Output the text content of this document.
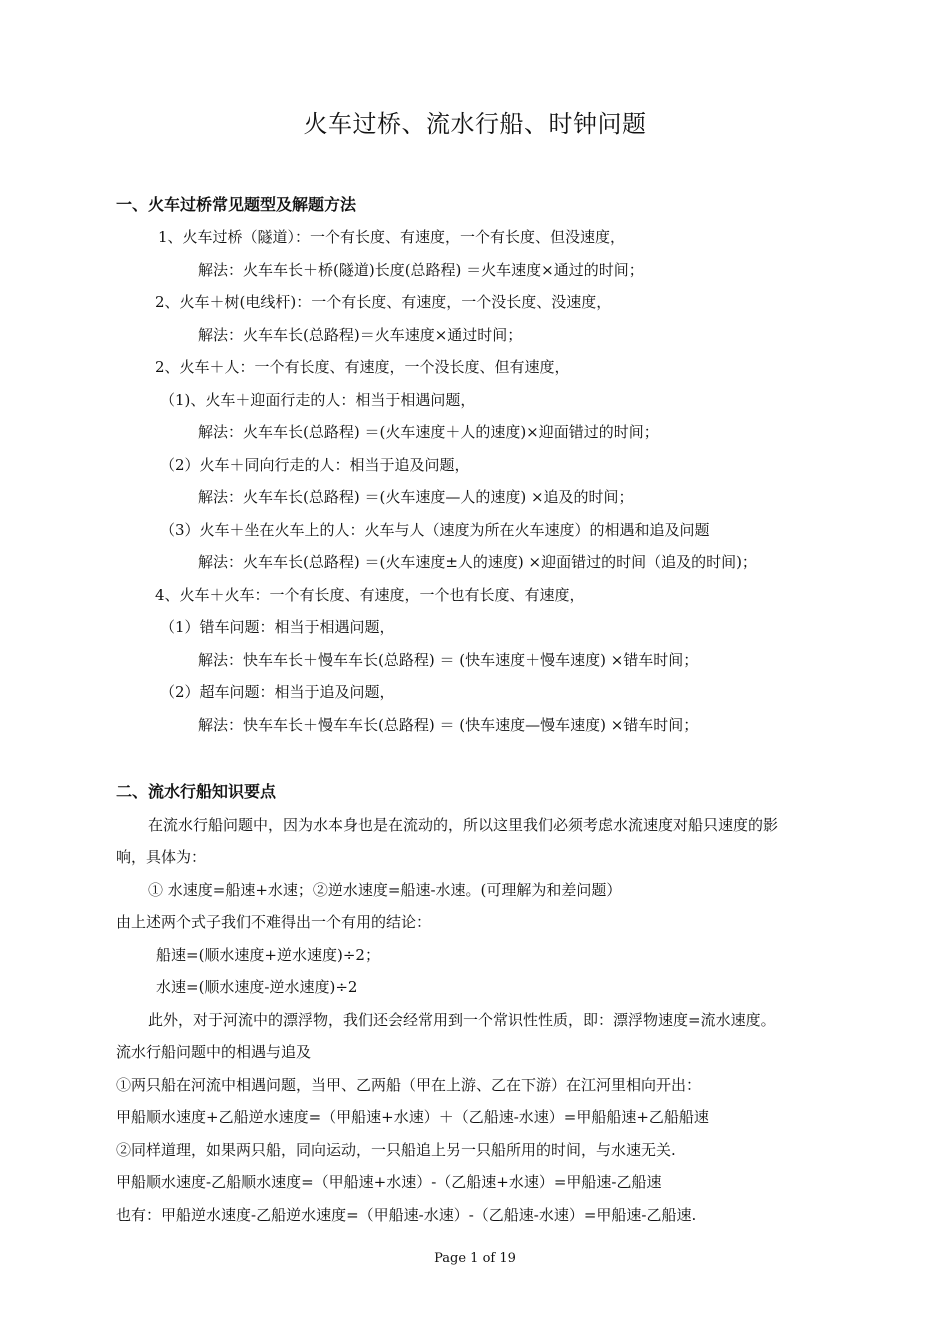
火车过桥、流水行船、时钟问题
一、火车过桥常见题型及解题方法
1、火车过桥（隧道）：一个有长度、有速度，一个有长度、但没速度，
解法：火车车长＋桥(隧道)长度(总路程) ＝火车速度×通过的时间；
2、火车＋树(电线杆)：一个有长度、有速度，一个没长度、没速度，
解法：火车车长(总路程)＝火车速度×通过时间；
2、火车＋人：一个有长度、有速度，一个没长度、但有速度，
（1)、火车＋迎面行走的人：相当于相遇问题，
解法：火车车长(总路程) ＝(火车速度＋人的速度)×迎面错过的时间；
（2）火车＋同向行走的人：相当于追及问题，
解法：火车车长(总路程) ＝(火车速度—人的速度) ×追及的时间；
（3）火车＋坐在火车上的人：火车与人（速度为所在火车速度）的相遇和追及问题
解法：火车车长(总路程) ＝(火车速度±人的速度) ×迎面错过的时间（追及的时间)；
4、火车＋火车：一个有长度、有速度，一个也有长度、有速度，
（1）错车问题：相当于相遇问题，
解法：快车车长＋慢车车长(总路程) ＝ (快车速度＋慢车速度) ×错车时间；
（2）超车问题：相当于追及问题，
解法：快车车长＋慢车车长(总路程) ＝ (快车速度—慢车速度) ×错车时间；
二、流水行船知识要点
在流水行船问题中，因为水本身也是在流动的，所以这里我们必须考虑水流速度对船只速度的影
响，具体为：
① 水速度=船速+水速；②逆水速度=船速-水速。(可理解为和差问题）
由上述两个式子我们不难得出一个有用的结论：
船速=(顺水速度+逆水速度)÷2；
水速=(顺水速度-逆水速度)÷2
此外，对于河流中的漂浮物，我们还会经常用到一个常识性性质，即：漂浮物速度=流水速度。
流水行船问题中的相遇与追及
①两只船在河流中相遇问题，当甲、乙两船（甲在上游、乙在下游）在江河里相向开出：
甲船顺水速度+乙船逆水速度=（甲船速+水速）＋（乙船速-水速）=甲船船速+乙船船速
②同样道理，如果两只船，同向运动，一只船追上另一只船所用的时间，与水速无关.
甲船顺水速度-乙船顺水速度=（甲船速+水速）-（乙船速+水速）=甲船速-乙船速
也有：甲船逆水速度-乙船逆水速度=（甲船速-水速）-（乙船速-水速）=甲船速-乙船速.
Page 1 of 19
